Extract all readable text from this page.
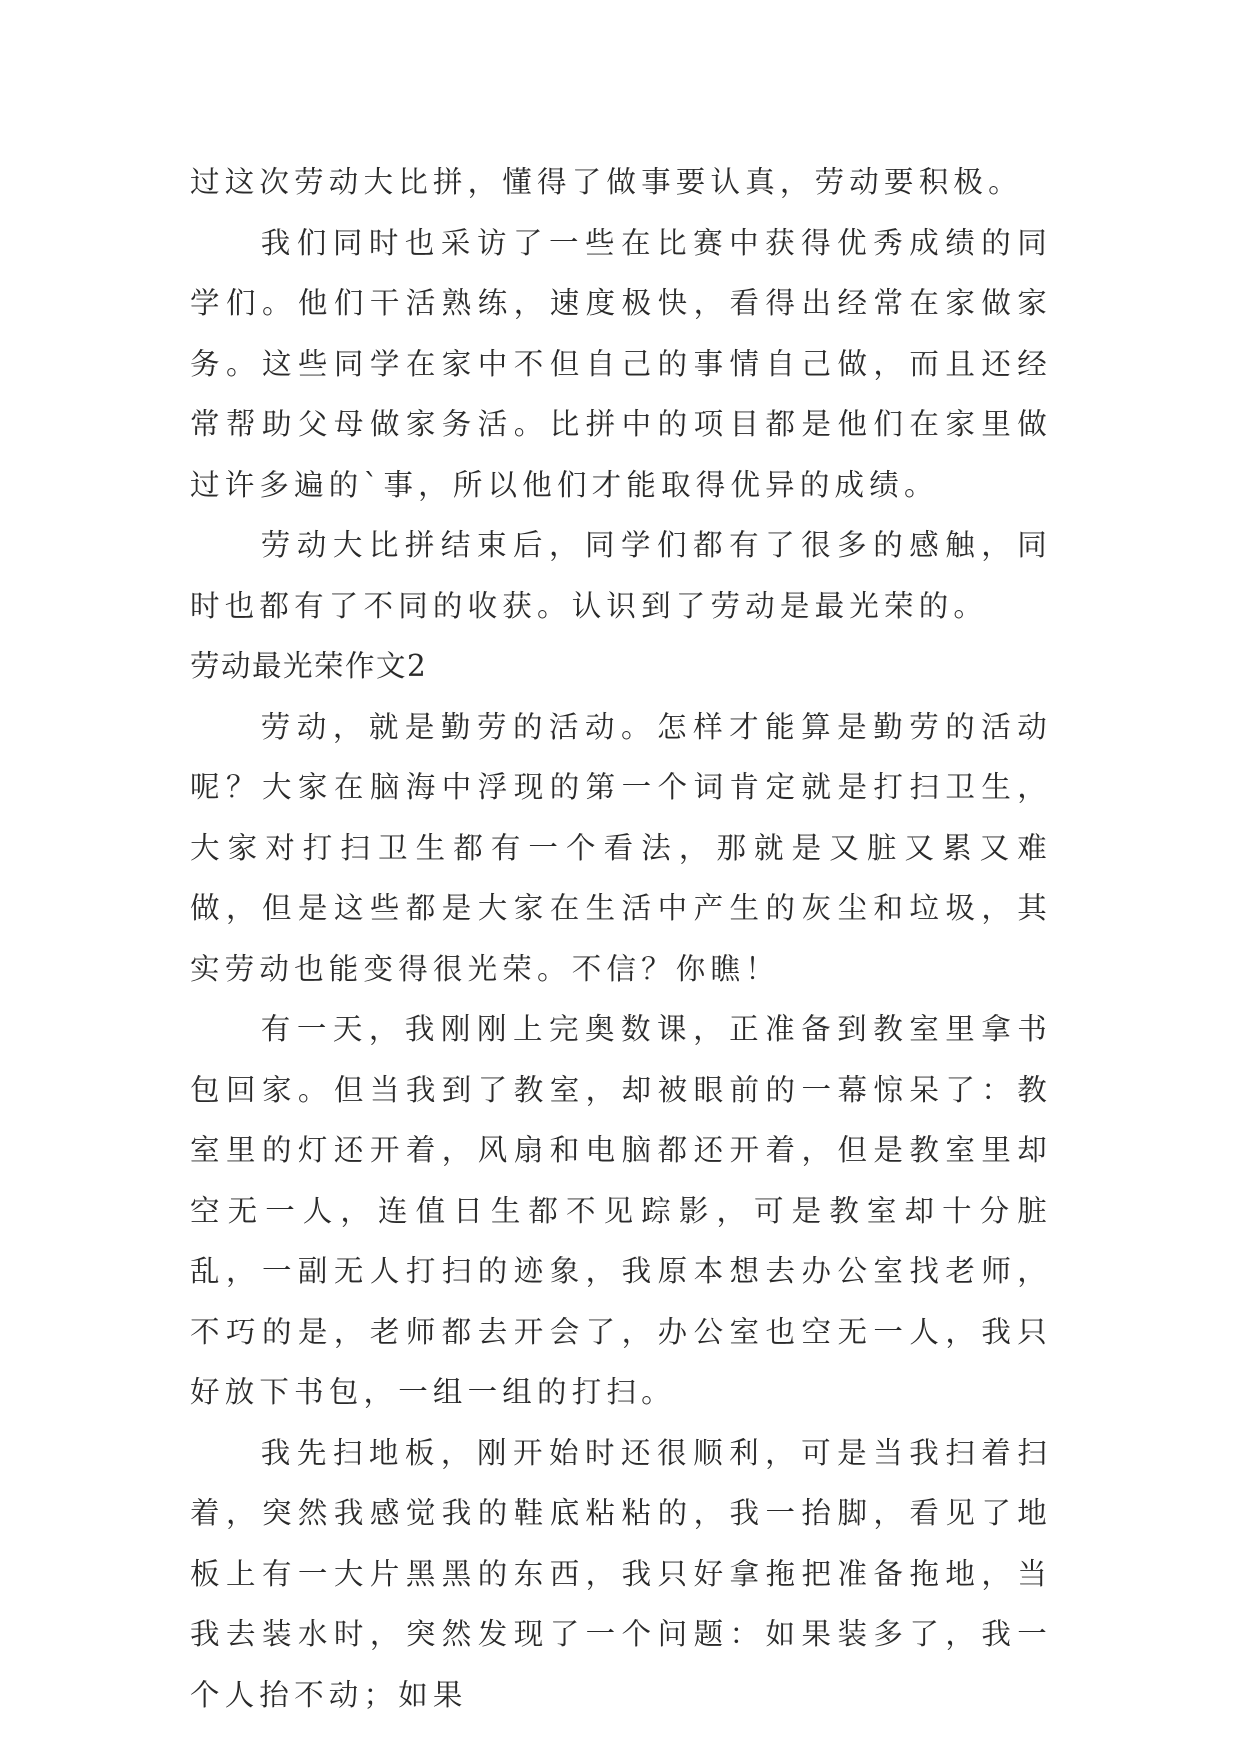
过这次劳动大比拼，懂得了做事要认真，劳动要积极。

我们同时也采访了一些在比赛中获得优秀成绩的同学们。他们干活熟练，速度极快，看得出经常在家做家务。这些同学在家中不但自己的事情自己做，而且还经常帮助父母做家务活。比拼中的项目都是他们在家里做过许多遍的`事，所以他们才能取得优异的成绩。

劳动大比拼结束后，同学们都有了很多的感触，同时也都有了不同的收获。认识到了劳动是最光荣的。

劳动最光荣作文2

劳动，就是勤劳的活动。怎样才能算是勤劳的活动呢？大家在脑海中浮现的第一个词肯定就是打扫卫生，大家对打扫卫生都有一个看法，那就是又脏又累又难做，但是这些都是大家在生活中产生的灰尘和垃圾，其实劳动也能变得很光荣。不信？你瞧！

有一天，我刚刚上完奥数课，正准备到教室里拿书包回家。但当我到了教室，却被眼前的一幕惊呆了：教室里的灯还开着，风扇和电脑都还开着，但是教室里却空无一人，连值日生都不见踪影，可是教室却十分脏乱，一副无人打扫的迹象，我原本想去办公室找老师，不巧的是，老师都去开会了，办公室也空无一人，我只好放下书包，一组一组的打扫。

我先扫地板，刚开始时还很顺利，可是当我扫着扫着，突然我感觉我的鞋底粘粘的，我一抬脚，看见了地板上有一大片黑黑的东西，我只好拿拖把准备拖地，当我去装水时，突然发现了一个问题：如果装多了，我一个人抬不动；如果
